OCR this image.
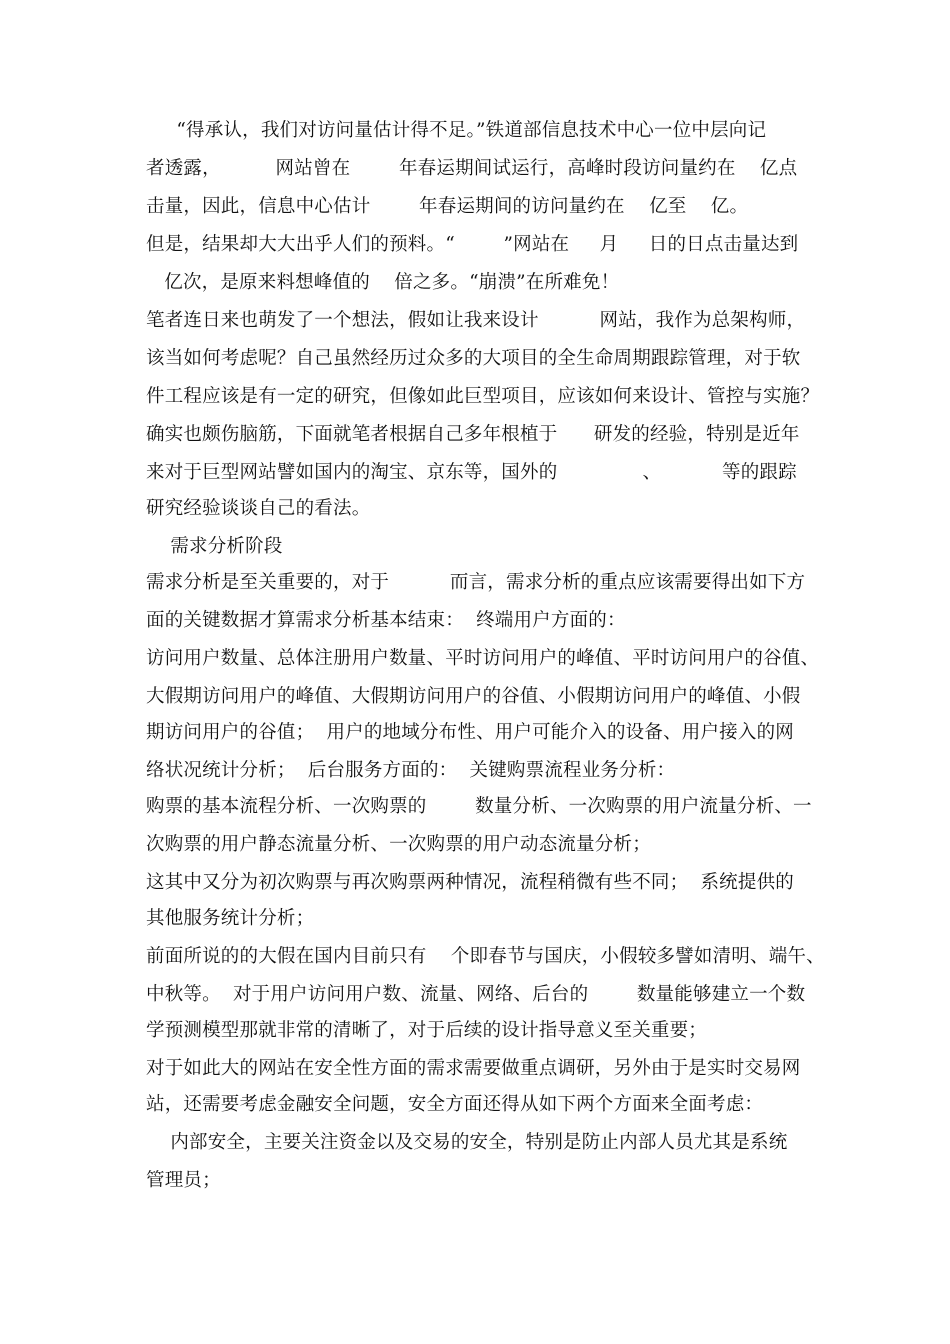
“得承认，我们对访问量估计得不足。”铁道部信息技术中心一位中层向记
者透露，         网站曾在        年春运期间试运行，高峰时段访问量约在    亿点
击量，因此，信息中心估计        年春运期间的访问量约在    亿至    亿。
但是，结果却大大出乎人们的预料。“        ”网站在     月     日的日点击量达到
亿次，是原来料想峰值的    倍之多。“崩溃”在所难免！
笔者连日来也萌发了一个想法，假如让我来设计          网站，我作为总架构师，
该当如何考虑呢？自己虽然经历过众多的大项目的全生命周期跟踪管理，对于软
件工程应该是有一定的研究，但像如此巨型项目，应该如何来设计、管控与实施？
确实也颇伤脑筋，下面就笔者根据自己多年根植于      研发的经验，特别是近年
来对于巨型网站譬如国内的淘宝、京东等，国外的              、          等的跟踪
研究经验谈谈自己的看法。
需求分析阶段
需求分析是至关重要的，对于          而言，需求分析的重点应该需要得出如下方
面的关键数据才算需求分析基本结束：  终端用户方面的：
访问用户数量、总体注册用户数量、平时访问用户的峰值、平时访问用户的谷值、
大假期访问用户的峰值、大假期访问用户的谷值、小假期访问用户的峰值、小假
期访问用户的谷值；  用户的地域分布性、用户可能介入的设备、用户接入的网
络状况统计分析；  后台服务方面的：  关键购票流程业务分析：
购票的基本流程分析、一次购票的        数量分析、一次购票的用户流量分析、一
次购票的用户静态流量分析、一次购票的用户动态流量分析；
这其中又分为初次购票与再次购票两种情况，流程稍微有些不同；  系统提供的
其他服务统计分析；
前面所说的的大假在国内目前只有    个即春节与国庆，小假较多譬如清明、端午、
中秋等。  对于用户访问用户数、流量、网络、后台的        数量能够建立一个数
学预测模型那就非常的清晰了，对于后续的设计指导意义至关重要；
对于如此大的网站在安全性方面的需求需要做重点调研，另外由于是实时交易网
站，还需要考虑金融安全问题，安全方面还得从如下两个方面来全面考虑：
内部安全，主要关注资金以及交易的安全，特别是防止内部人员尤其是系统
管理员；
